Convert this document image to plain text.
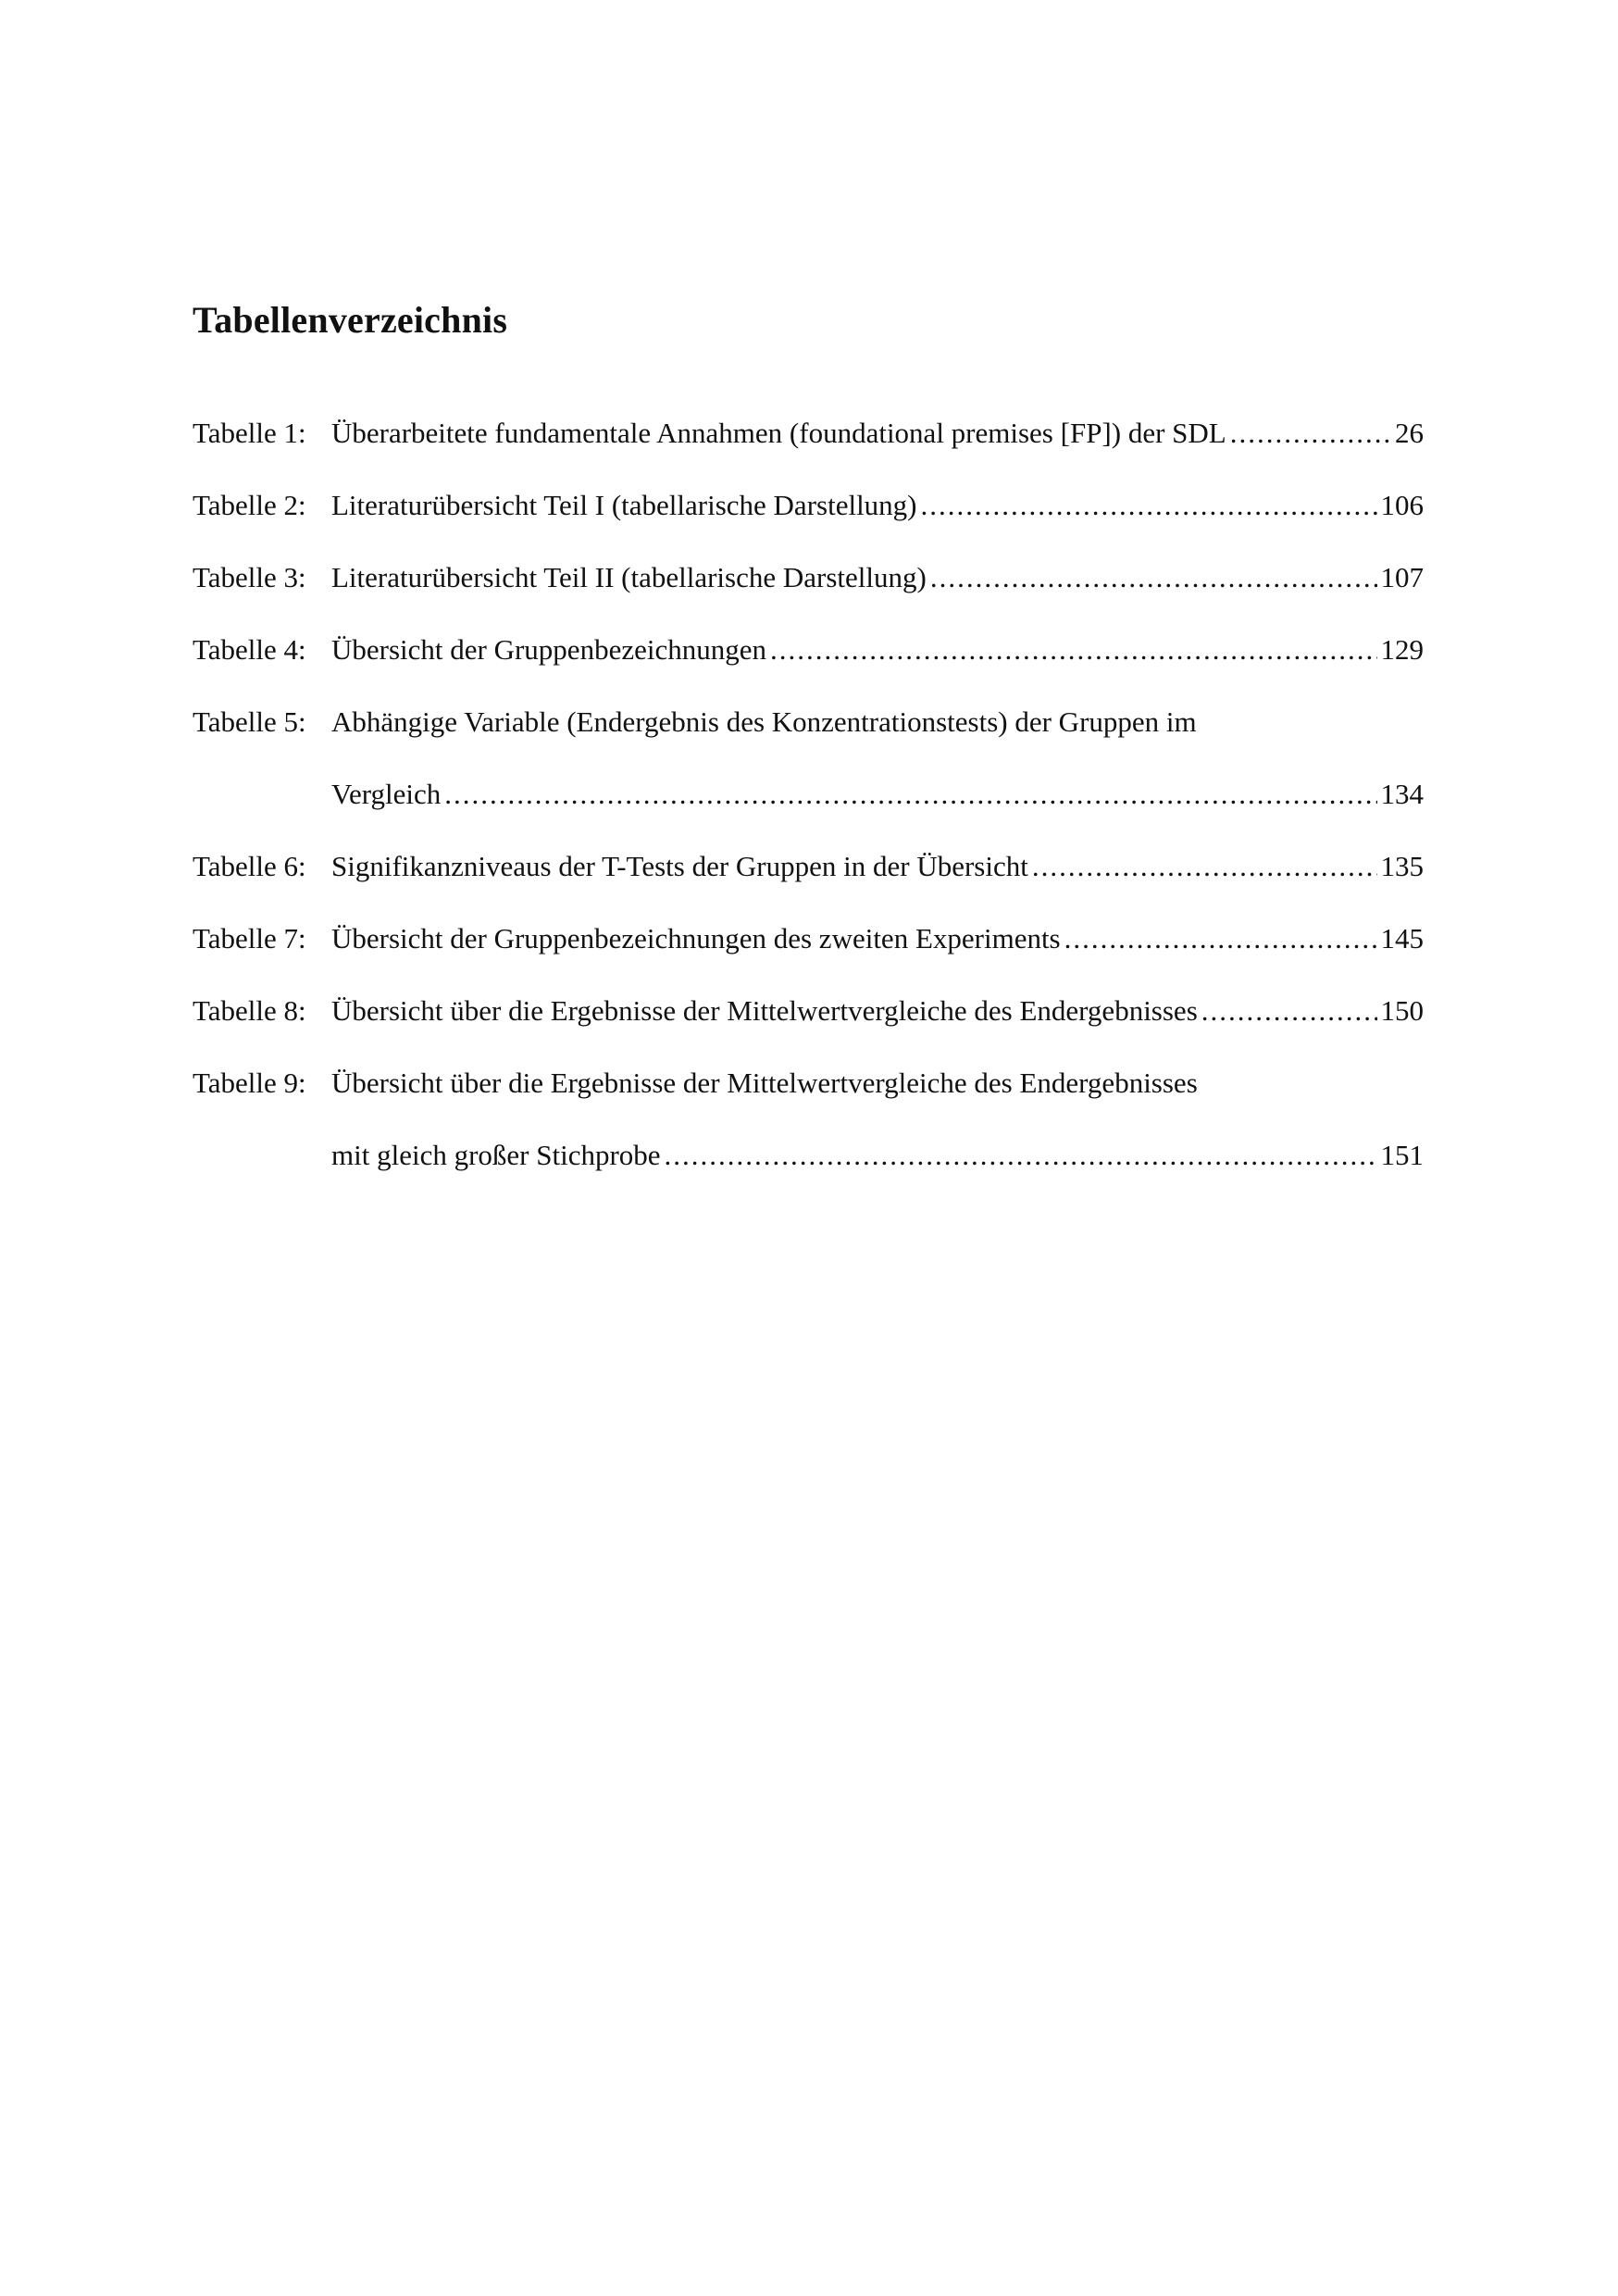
Tabellenverzeichnis
Tabelle 1: Überarbeitete fundamentale Annahmen (foundational premises [FP]) der SDL .....	26
Tabelle 2: Literaturübersicht Teil I (tabellarische Darstellung) .....	106
Tabelle 3: Literaturübersicht Teil II (tabellarische Darstellung) .....	107
Tabelle 4: Übersicht der Gruppenbezeichnungen .....	129
Tabelle 5: Abhängige Variable (Endergebnis des Konzentrationstests) der Gruppen im
Vergleich .....	134
Tabelle 6: Signifikanzniveaus der T-Tests der Gruppen in der Übersicht .....	135
Tabelle 7: Übersicht der Gruppenbezeichnungen des zweiten Experiments .....	145
Tabelle 8: Übersicht über die Ergebnisse der Mittelwertvergleiche des Endergebnisses .....	150
Tabelle 9: Übersicht über die Ergebnisse der Mittelwertvergleiche des Endergebnisses
mit gleich großer Stichprobe .....	151
